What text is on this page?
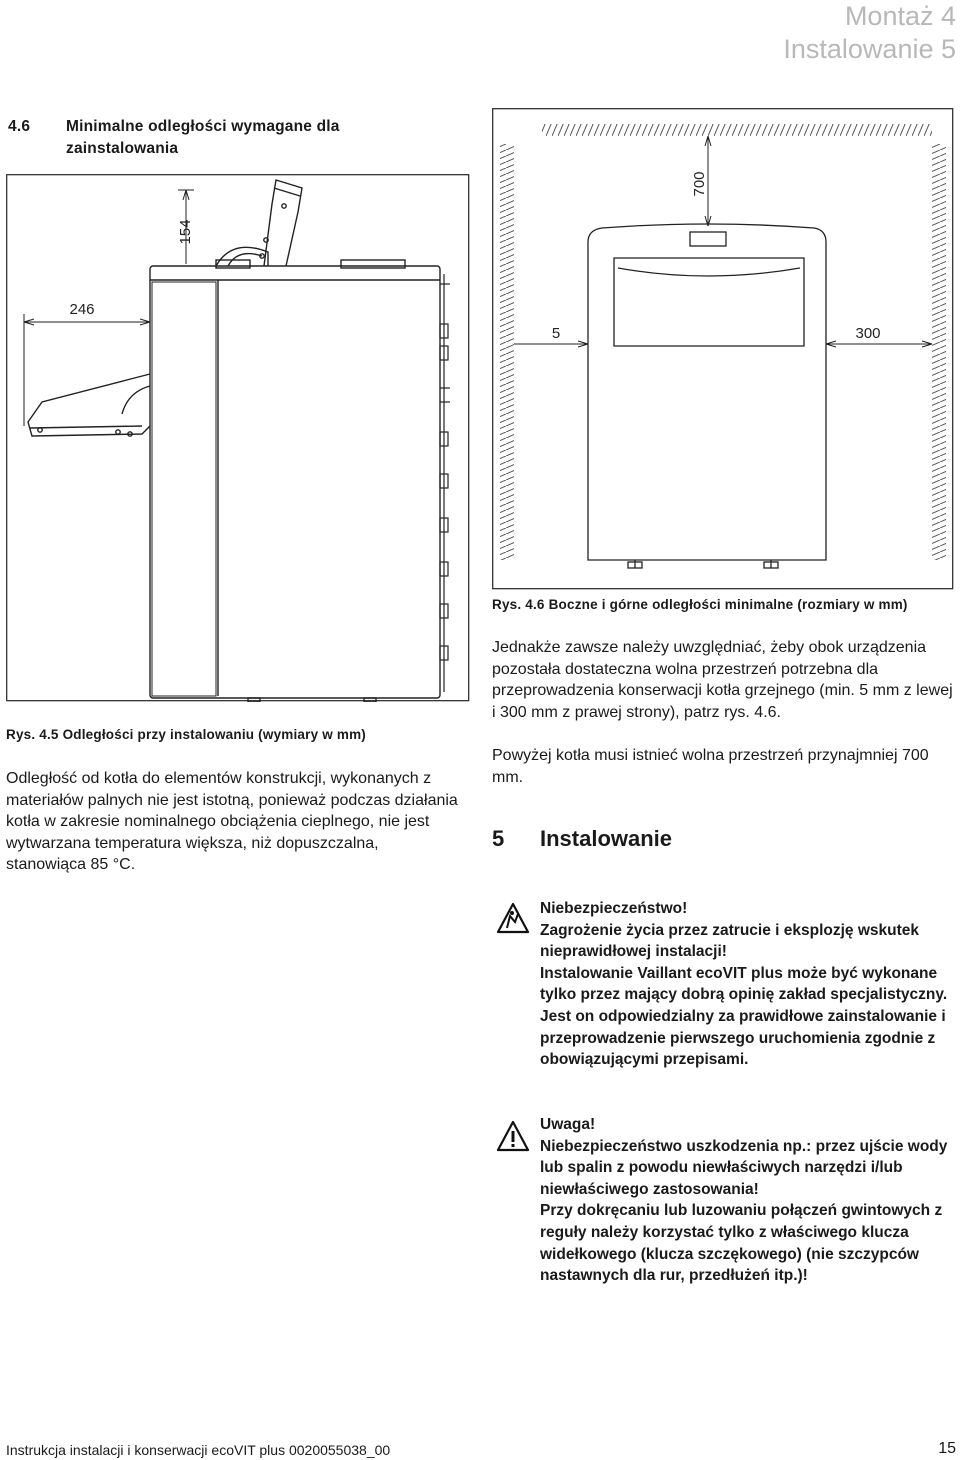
Montaż 4
Instalowanie 5
4.6 Minimalne odległości wymagane dla zainstalowania
154
246
Rys. 4.5 Odległości przy instalowaniu (wymiary w mm)
Odległość od kotła do elementów konstrukcji, wykonanych z materiałów palnych nie jest istotną, ponieważ podczas działania kotła w zakresie nominalnego obciążenia cieplnego, nie jest wytwarzana temperatura większa, niż dopuszczalna, stanowiąca 85 °C.
700
5	300
Rys. 4.6 Boczne i górne odległości minimalne (rozmiary w mm)
Jednakże zawsze należy uwzględniać, żeby obok urządzenia pozostała dostateczna wolna przestrzeń potrzebna dla przeprowadzenia konserwacji kotła grzejnego (min. 5 mm z lewej i 300 mm z prawej strony), patrz rys. 4.6.
Powyżej kotła musi istnieć wolna przestrzeń przynajmniej 700 mm.
5 Instalowanie
Niebezpieczeństwo!
Zagrożenie życia przez zatrucie i eksplozję wskutek nieprawidłowej instalacji!
Instalowanie Vaillant ecoVIT plus może być wykonane tylko przez mający dobrą opinię zakład specjalistyczny. Jest on odpowiedzialny za prawidłowe zainstalowanie i przeprowadzenie pierwszego uruchomienia zgodnie z obowiązującymi przepisami.
Uwaga!
Niebezpieczeństwo uszkodzenia np.: przez ujście wody lub spalin z powodu niewłaściwych narzędzi i/lub niewłaściwego zastosowania!
Przy dokręcaniu lub luzowaniu połączeń gwintowych z reguły należy korzystać tylko z właściwego klucza widełkowego (klucza szczękowego) (nie szczypców nastawnych dla rur, przedłużeń itp.)!
Instrukcja instalacji i konserwacji ecoVIT plus 0020055038_00	15
